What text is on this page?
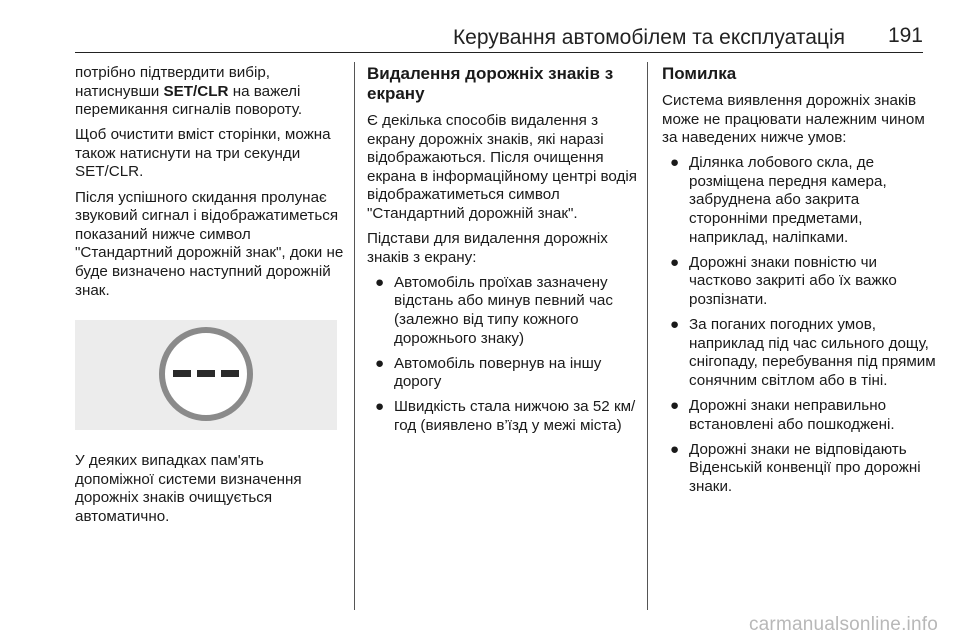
Керування автомобілем та експлуатація 191

потрібно підтвердити вибір, натиснувши SET/CLR на важелі перемикання сигналів повороту.

Щоб очистити вміст сторінки, можна також натиснути на три секунди SET/CLR.

Після успішного скидання пролунає звуковий сигнал і відображатиметься показаний нижче символ "Стандартний дорожній знак", доки не буде визначено наступний дорожній знак.

У деяких випадках пам'ять допоміжної системи визначення дорожніх знаків очищується автоматично.

Видалення дорожніх знаків з екрану

Є декілька способів видалення з екрану дорожніх знаків, які наразі відображаються. Після очищення екрана в інформаційному центрі водія відображатиметься символ "Стандартний дорожній знак".

Підстави для видалення дорожніх знаків з екрану:

● Автомобіль проїхав зазначену відстань або минув певний час (залежно від типу кожного дорожнього знаку)
● Автомобіль повернув на іншу дорогу
● Швидкість стала нижчою за 52 км/год (виявлено в’їзд у межі міста)
Помилка

Система виявлення дорожніх знаків може не працювати належним чином за наведених нижче умов:

● Ділянка лобового скла, де розміщена передня камера, забруднена або закрита сторонніми предметами, наприклад, наліпками.
● Дорожні знаки повністю чи частково закриті або їх важко розпізнати.
● За поганих погодних умов, наприклад під час сильного дощу, снігопаду, перебування під прямим сонячним світлом або в тіні.
● Дорожні знаки неправильно встановлені або пошкоджені.
● Дорожні знаки не відповідають Віденській конвенції про дорожні знаки.
carmanualsonline.info
